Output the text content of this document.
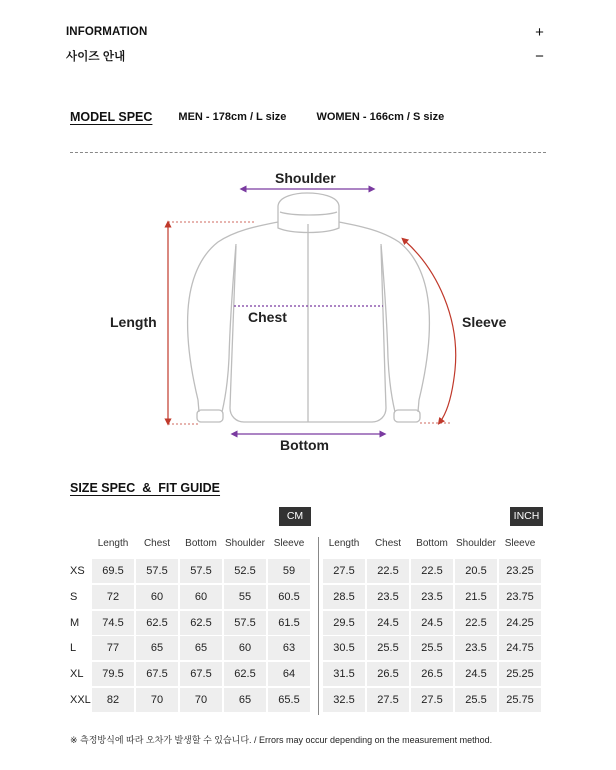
INFORMATION	+
사이즈 안내	−
MODEL SPEC MEN - 178cm / L size	WOMEN - 166cm / S size
Shoulder
Chest
Length	Sleeve
Bottom
SIZE SPEC  &  FIT GUIDE
CM	INCH
Length	Chest	Bottom Shoulder Sleeve	Length	Chest	Bottom Shoulder Sleeve
XS	69.5	57.5	57.5	52.5	59	27.5	22.5	22.5	20.5	23.25
S	72	60	60	55	60.5	28.5	23.5	23.5	21.5	23.75
M	74.5	62.5	62.5	57.5	61.5	29.5	24.5	24.5	22.5	24.25
L	77	65	65	60	63	30.5	25.5	25.5	23.5	24.75
XL	79.5	67.5	67.5	62.5	64	31.5	26.5	26.5	24.5	25.25
XXL	82	70	70	65	65.5	32.5	27.5	27.5	25.5	25.75
※ 측정방식에 따라 오차가 발생할 수 있습니다. / Errors may occur depending on the measurement method.
